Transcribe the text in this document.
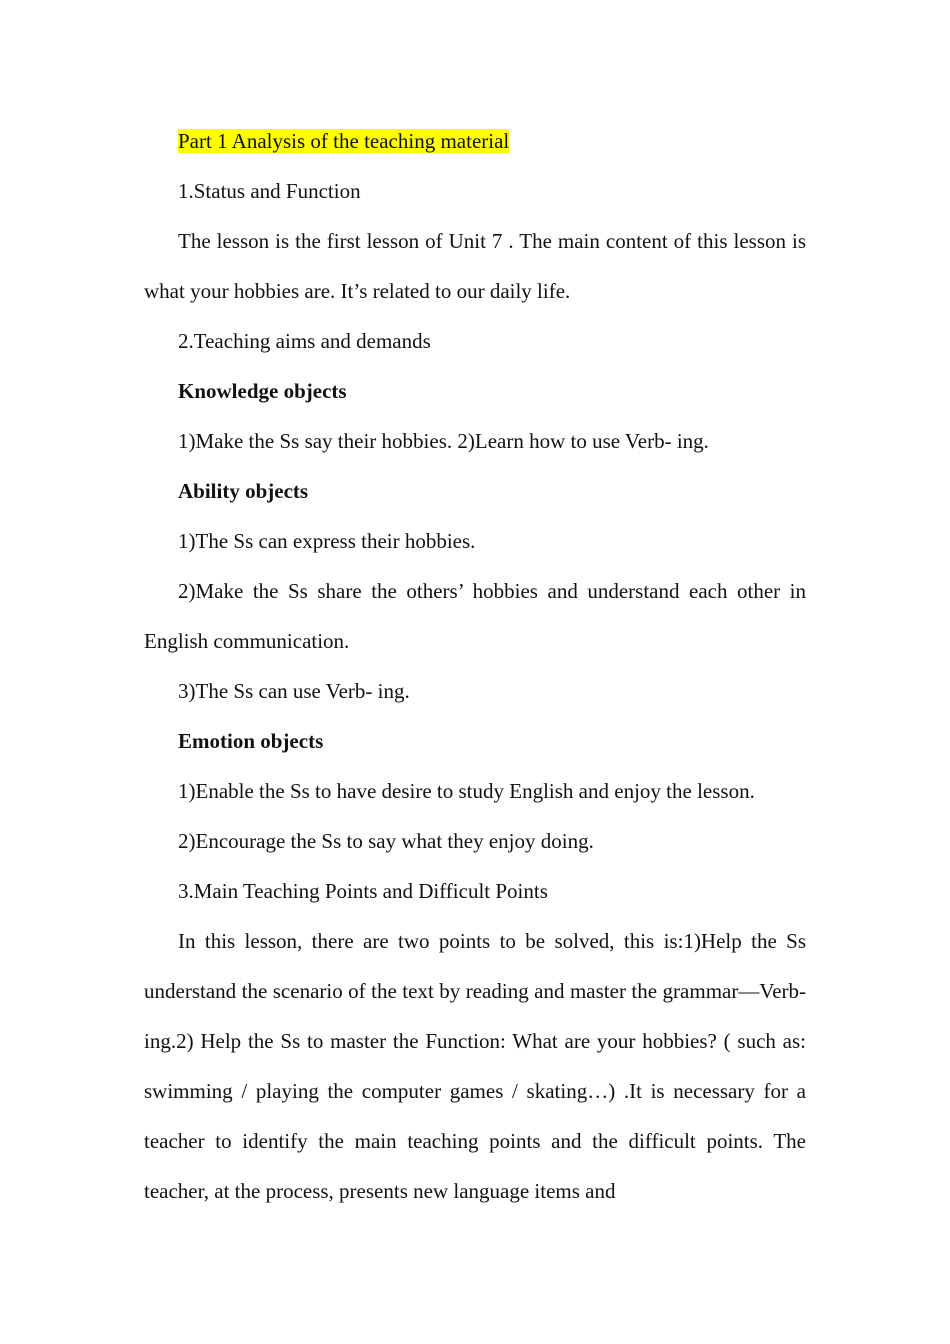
Part 1 Analysis of the teaching material

1.Status and Function

The lesson is the first lesson of Unit 7 . The main content of this lesson is what your hobbies are. It’s related to our daily life.

2.Teaching aims and demands

Knowledge objects

1)Make the Ss say their hobbies. 2)Learn how to use Verb- ing.

Ability objects

1)The Ss can express their hobbies.

2)Make the Ss share the others’ hobbies and understand each other in English communication.

3)The Ss can use Verb- ing.

Emotion objects

1)Enable the Ss to have desire to study English and enjoy the lesson.

2)Encourage the Ss to say what they enjoy doing.

3.Main Teaching Points and Difficult Points

In this lesson, there are two points to be solved, this is:1)Help the Ss understand the scenario of the text by reading and master the grammar—Verb- ing.2) Help the Ss to master the Function: What are your hobbies? ( such as: swimming / playing the computer games / skating…) .It is necessary for a teacher to identify the main teaching points and the difficult points. The teacher, at the process, presents new language items and
